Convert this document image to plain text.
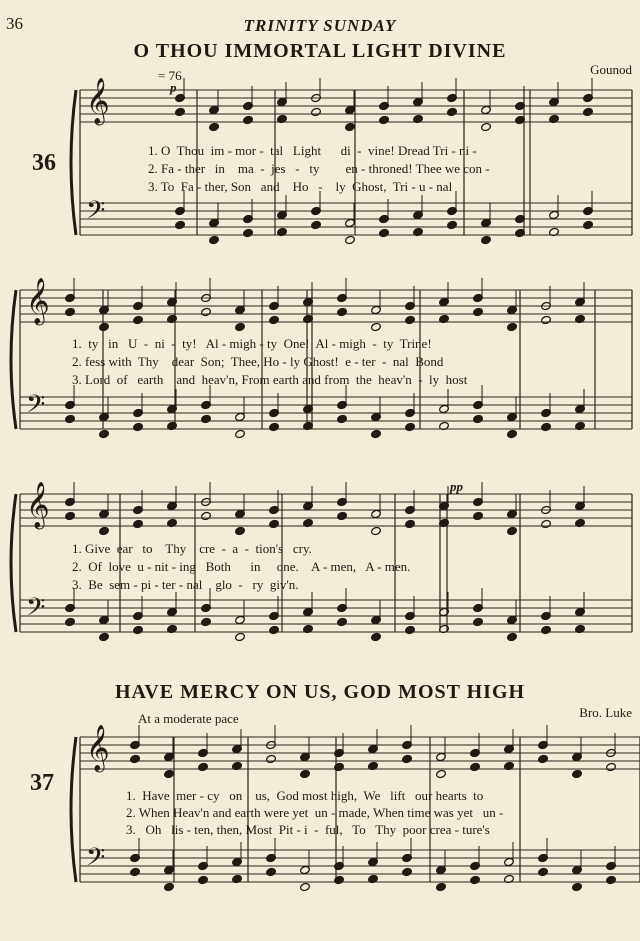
36	TRINITY SUNDAY
O THOU IMMORTAL LIGHT DIVINE
Gounod
= 76
p
36	1. O  Thou  im - mor -  tal   Light      di  -  vine! Dread Tri - ni -
2. Fa - ther   in    ma  -  jes   -   ty        en - throned! Thee we con -
3. To  Fa - ther, Son   and    Ho   -    ly  Ghost,  Tri - u - nal
1.  ty   in   U  -  ni  -  ty!   Al - migh - ty  One!  Al - migh  -  ty  Trine!
2. fess with  Thy    dear  Son;  Thee, Ho - ly Ghost!  e - ter  -  nal  Bond
3. Lord  of   earth    and  heav'n, From earth and from  the  heav'n  -  ly  host
pp
1. Give  ear   to    Thy    cre  -  a  -  tion's   cry.
2.  Of  love  u - nit - ing   Both      in     one.    A - men,   A - men.
3.  Be  sem - pi - ter - nal    glo  -   ry  giv'n.
HAVE MERCY ON US, GOD MOST HIGH
At a moderate pace	Bro. Luke
37	1.  Have  mer - cy   on    us,  God most high,  We   lift   our hearts  to
2. When Heav'n and earth were yet  un - made, When time was yet   un -
3.   Oh   lis - ten, then, Most  Pit - i  -  ful,   To   Thy  poor crea - ture's
𝄞
𝄢
𝄞
𝄢
𝄞
𝄢
𝄞
𝄢
